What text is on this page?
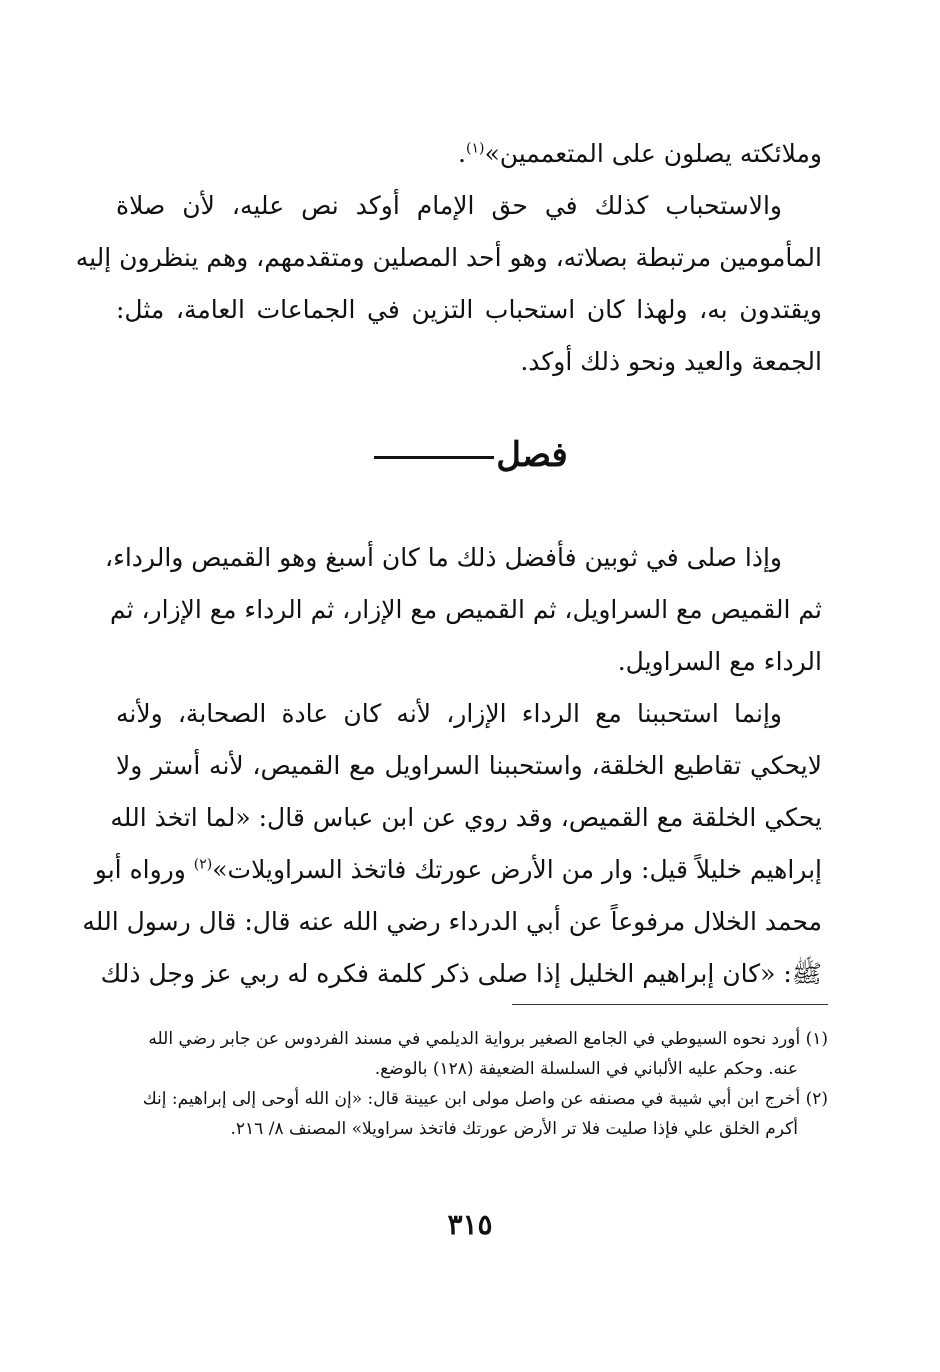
وملائكته يصلون على المتعممين»$^{(١)}$.
والاستحباب كذلك في حق الإمام أوكد نص عليه، لأن صلاة
المأمومين مرتبطة بصلاته، وهو أحد المصلين ومتقدمهم، وهم ينظرون إليه
ويقتدون به، ولهذا كان استحباب التزين في الجماعات العامة، مثل:
الجمعة والعيد ونحو ذلك أوكد.
فصل
وإذا صلى في ثوبين فأفضل ذلك ما كان أسبغ وهو القميص والرداء،
ثم القميص مع السراويل، ثم القميص مع الإزار، ثم الرداء مع الإزار، ثم
الرداء مع السراويل.
وإنما استحببنا مع الرداء الإزار، لأنه كان عادة الصحابة، ولأنه
لايحكي تقاطيع الخلقة، واستحببنا السراويل مع القميص، لأنه أستر ولا
يحكي الخلقة مع القميص، وقد روي عن ابن عباس قال: «لما اتخذ الله
إبراهيم خليلاً قيل: وار من الأرض عورتك فاتخذ السراويلات»$^{(٢)}$ ورواه أبو
محمد الخلال مرفوعاً عن أبي الدرداء رضي الله عنه قال: قال رسول الله
ﷺ: «كان إبراهيم الخليل إذا صلى ذكر كلمة فكره له ربي عز وجل ذلك
(١) أورد نحوه السيوطي في الجامع الصغير برواية الديلمي في مسند الفردوس عن جابر رضي الله
عنه. وحكم عليه الألباني في السلسلة الضعيفة (١٢٨) بالوضع.
(٢) أخرج ابن أبي شيبة في مصنفه عن واصل مولى ابن عيينة قال: «إن الله أوحى إلى إبراهيم: إنك
أكرم الخلق علي فإذا صليت فلا تر الأرض عورتك فاتخذ سراويلا» المصنف ٨/ ٢١٦.
٣١٥
